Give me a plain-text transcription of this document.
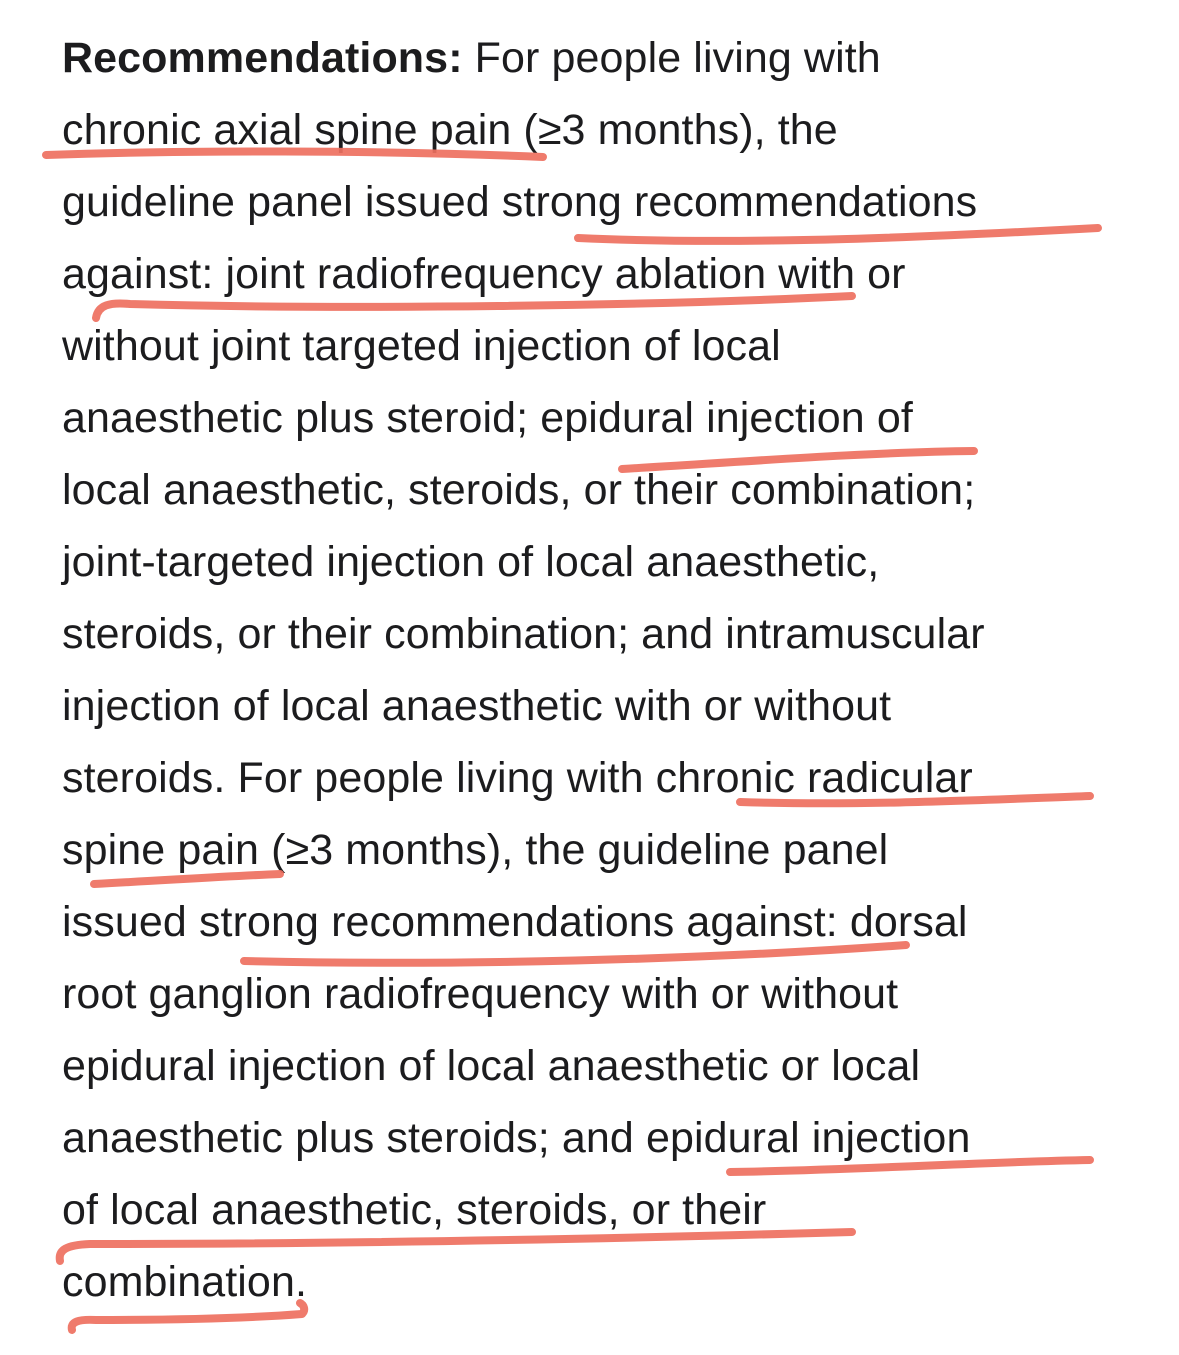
Recommendations: For people living with
chronic axial spine pain (≥3 months), the
guideline panel issued strong recommendations
against: joint radiofrequency ablation with or
without joint targeted injection of local
anaesthetic plus steroid; epidural injection of
local anaesthetic, steroids, or their combination;
joint-targeted injection of local anaesthetic,
steroids, or their combination; and intramuscular
injection of local anaesthetic with or without
steroids. For people living with chronic radicular
spine pain (≥3 months), the guideline panel
issued strong recommendations against: dorsal
root ganglion radiofrequency with or without
epidural injection of local anaesthetic or local
anaesthetic plus steroids; and epidural injection
of local anaesthetic, steroids, or their
combination.
